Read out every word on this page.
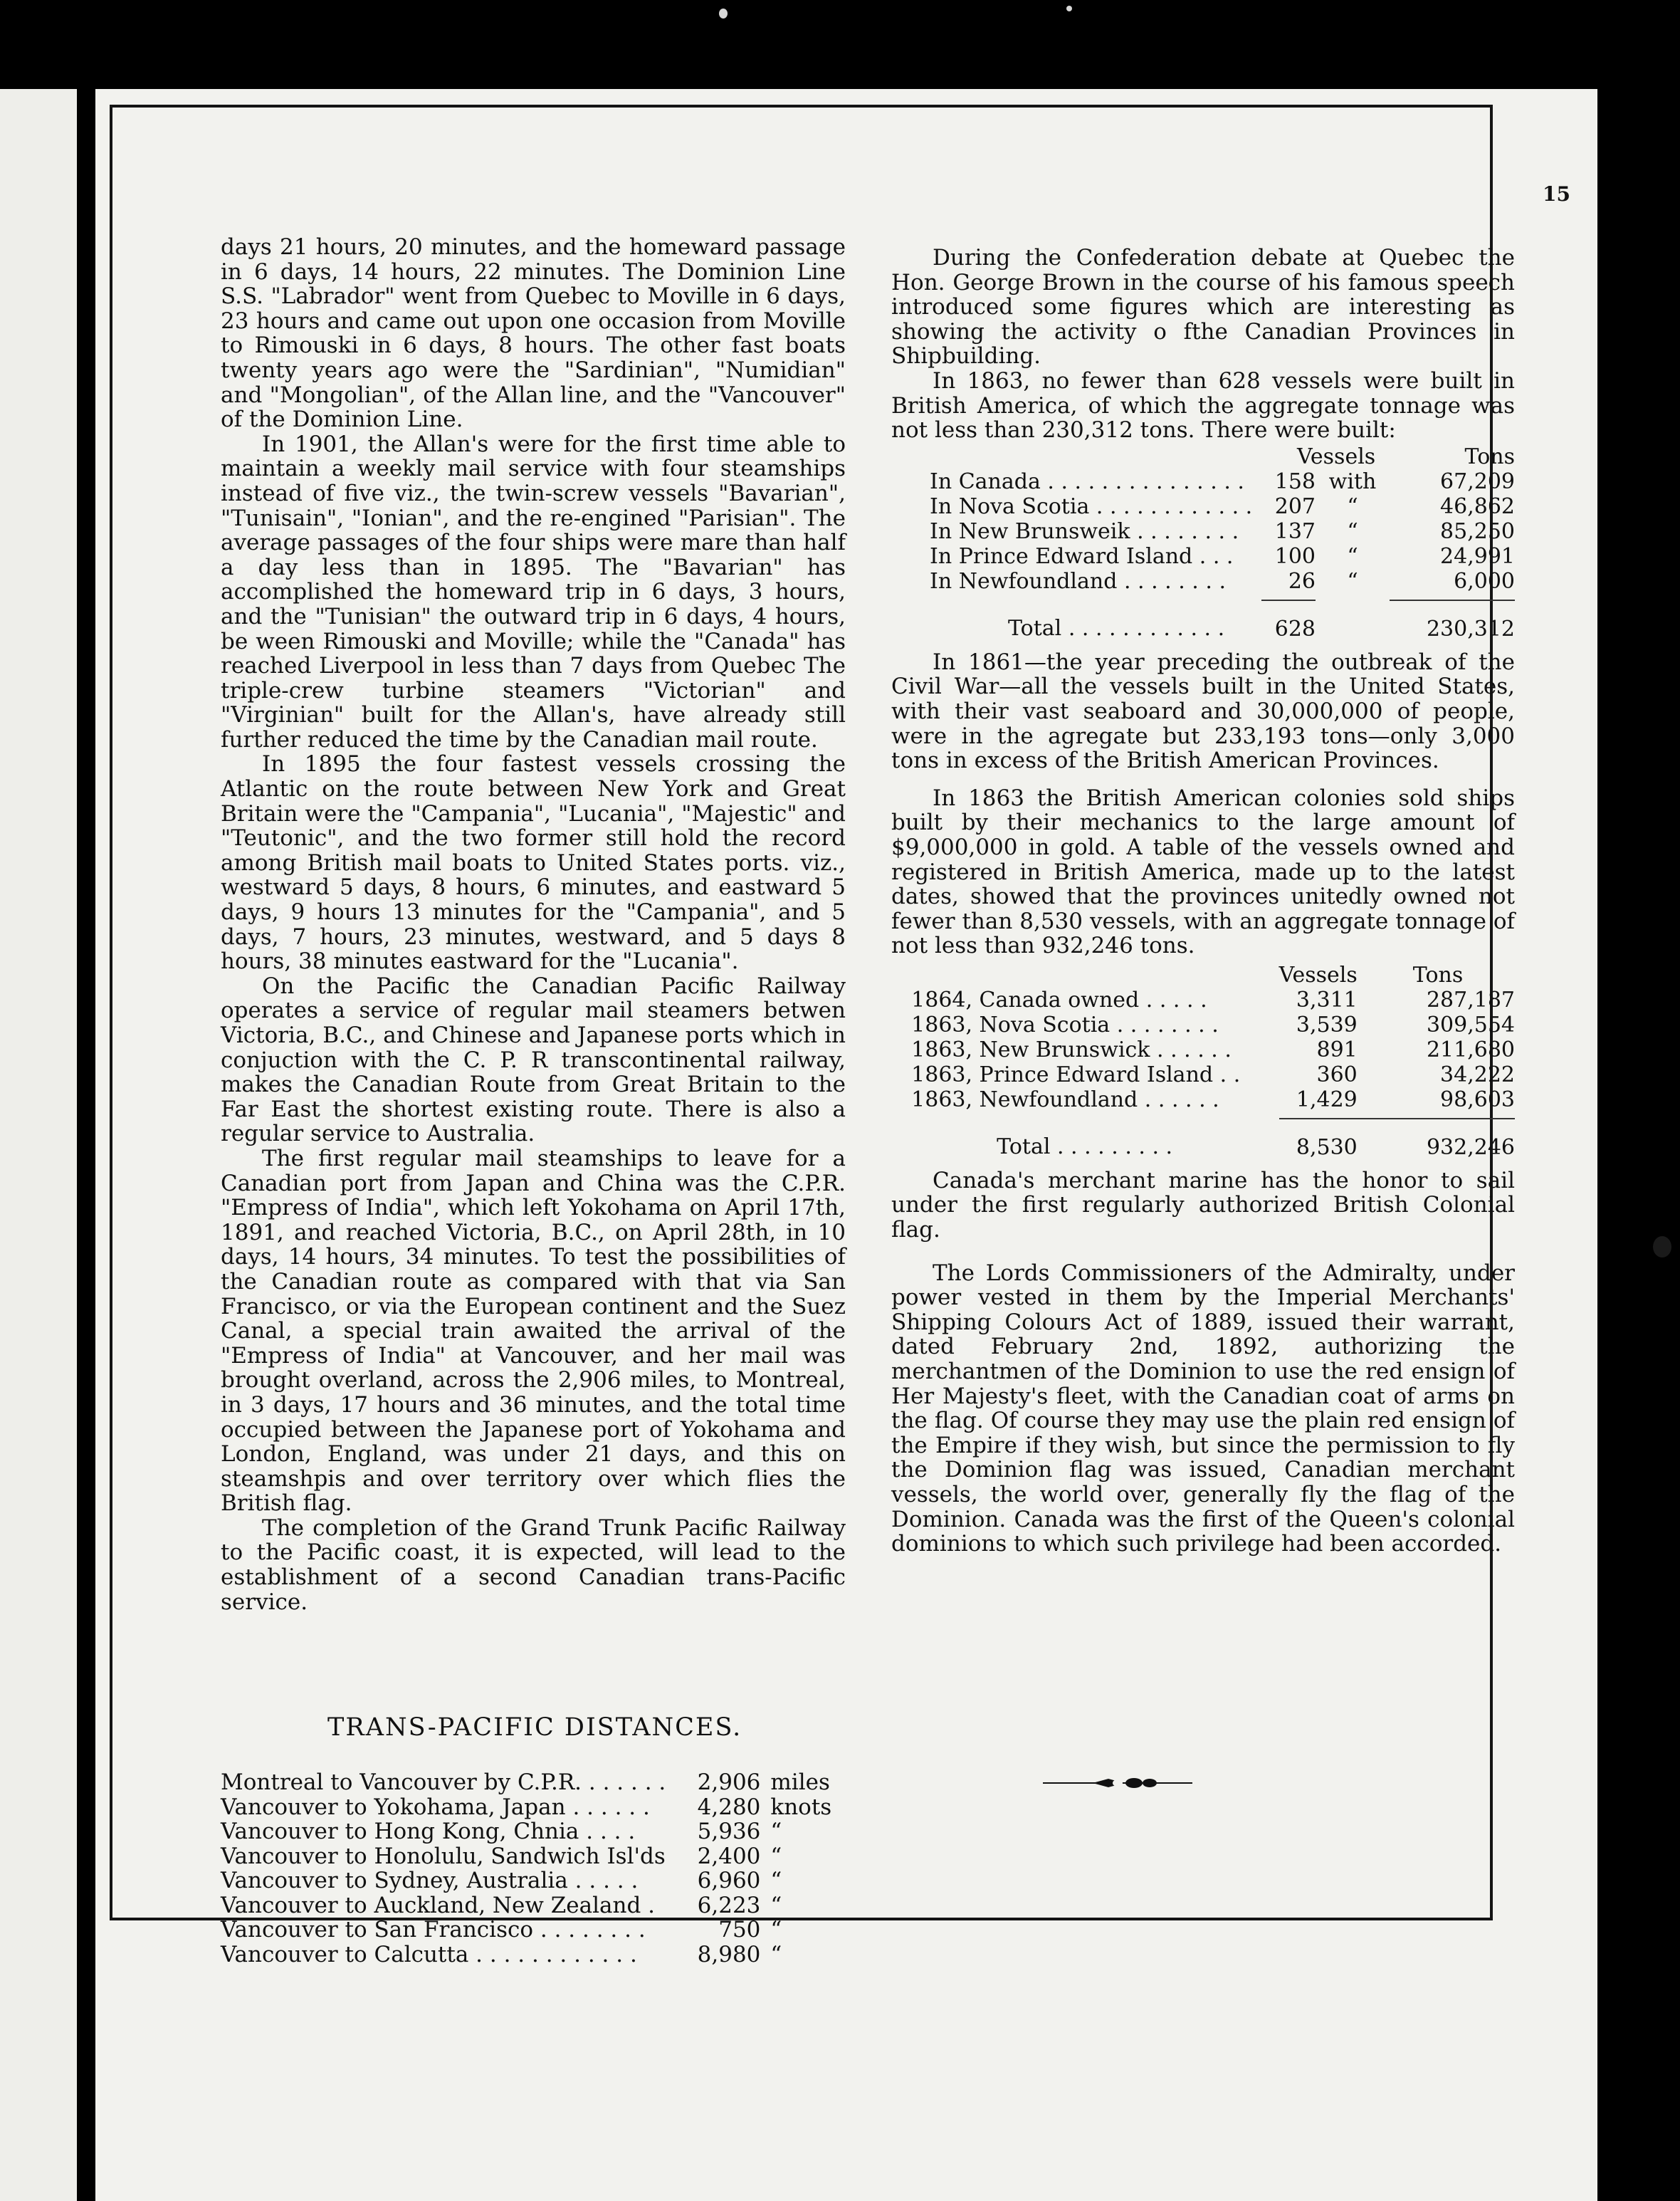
15

days 21 hours, 20 minutes, and the homeward passage in 6 days, 14 hours, 22 minutes. The Dominion Line S.S. "Labrador" went from Quebec to Moville in 6 days, 23 hours and came out upon one occasion from Moville to Rimouski in 6 days, 8 hours. The other fast boats twenty years ago were the "Sardinian", "Numidian" and "Mongolian", of the Allan line, and the "Vancouver" of the Dominion Line.

In 1901, the Allan's were for the first time able to maintain a weekly mail service with four steamships instead of five viz., the twin-screw vessels "Bavarian", "Tunisain", "Ionian", and the re-engined "Parisian". The average passages of the four ships were mare than half a day less than in 1895. The "Bavarian" has accomplished the homeward trip in 6 days, 3 hours, and the "Tunisian" the outward trip in 6 days, 4 hours, be ween Rimouski and Moville; while the "Canada" has reached Liverpool in less than 7 days from Quebec The triple-crew turbine steamers "Victorian" and "Virginian" built for the Allan's, have already still further reduced the time by the Canadian mail route.

In 1895 the four fastest vessels crossing the Atlantic on the route between New York and Great Britain were the "Campania", "Lucania", "Majestic" and "Teutonic", and the two former still hold the record among British mail boats to United States ports. viz., westward 5 days, 8 hours, 6 minutes, and eastward 5 days, 9 hours 13 minutes for the "Campania", and 5 days, 7 hours, 23 minutes, westward, and 5 days 8 hours, 38 minutes eastward for the "Lucania".

On the Pacific the Canadian Pacific Railway operates a service of regular mail steamers betwen Victoria, B.C., and Chinese and Japanese ports which in conjuction with the C. P. R transcontinental railway, makes the Canadian Route from Great Britain to the Far East the shortest existing route. There is also a regular service to Australia.

The first regular mail steamships to leave for a Canadian port from Japan and China was the C.P.R. "Empress of India", which left Yokohama on April 17th, 1891, and reached Victoria, B.C., on April 28th, in 10 days, 14 hours, 34 minutes. To test the possibilities of the Canadian route as compared with that via San Francisco, or via the European continent and the Suez Canal, a special train awaited the arrival of the "Empress of India" at Vancouver, and her mail was brought overland, across the 2,906 miles, to Montreal, in 3 days, 17 hours and 36 minutes, and the total time occupied between the Japanese port of Yokohama and London, England, was under 21 days, and this on steamshpis and over territory over which flies the British flag.

The completion of the Grand Trunk Pacific Railway to the Pacific coast, it is expected, will lead to the establishment of a second Canadian trans-Pacific service.

TRANS-PACIFIC DISTANCES.
Montreal to Vancouver by C.P.R. . . . . . .	2,906	miles
Vancouver to Yokohama, Japan . . . . . .	4,280	knots
Vancouver to Hong Kong, Chnia . . . .	5,936	“
Vancouver to Honolulu, Sandwich Isl'ds	2,400	“
Vancouver to Sydney, Australia . . . . .	6,960	“
Vancouver to Auckland, New Zealand .	6,223	“
Vancouver to San Francisco . . . . . . . .	750	“
Vancouver to Calcutta . . . . . . . . . . . .	8,980	“

During the Confederation debate at Quebec the Hon. George Brown in the course of his famous speech introduced some figures which are interesting as showing the activity o fthe Canadian Provinces in Shipbuilding.

In 1863, no fewer than 628 vessels were built in British America, of which the aggregate tonnage was not less than 230,312 tons. There were built:

	Vessels		Tons
In Canada . . . . . . . . . . . . . . .	158	with	67,209
In Nova Scotia . . . . . . . . . . . .	207	“	46,862
In New Brunsweik . . . . . . . .	137	“	85,250
In Prince Edward Island . . .	100	“	24,991
In Newfoundland . . . . . . . .	26	“	6,000

Total . . . . . . . . . . . .	628		230,312

In 1861—the year preceding the outbreak of the Civil War—all the vessels built in the United States, with their vast seaboard and 30,000,000 of people, were in the agregate but 233,193 tons—only 3,000 tons in excess of the British American Provinces.

In 1863 the British American colonies sold ships built by their mechanics to the large amount of $9,000,000 in gold. A table of the vessels owned and registered in British America, made up to the latest dates, showed that the provinces unitedly owned not fewer than 8,530 vessels, with an aggregate tonnage of not less than 932,246 tons.

		Vessels	Tons
	1864, Canada owned . . . . .	3,311	287,187
	1863, Nova Scotia . . . . . . . .	3,539	309,554
	1863, New Brunswick . . . . . .	891	211,680
	1863, Prince Edward Island . .	360	34,222
	1863, Newfoundland . . . . . .	1,429	98,603

	Total . . . . . . . . .	8,530	932,246

Canada's merchant marine has the honor to sail under the first regularly authorized British Colonial flag.

The Lords Commissioners of the Admiralty, under power vested in them by the Imperial Merchants' Shipping Colours Act of 1889, issued their warrant, dated February 2nd, 1892, authorizing the merchantmen of the Dominion to use the red ensign of Her Majesty's fleet, with the Canadian coat of arms on the flag. Of course they may use the plain red ensign of the Empire if they wish, but since the permission to fly the Dominion flag was issued, Canadian merchant vessels, the world over, generally fly the flag of the Dominion. Canada was the first of the Queen's colonial dominions to which such privilege had been accorded.
